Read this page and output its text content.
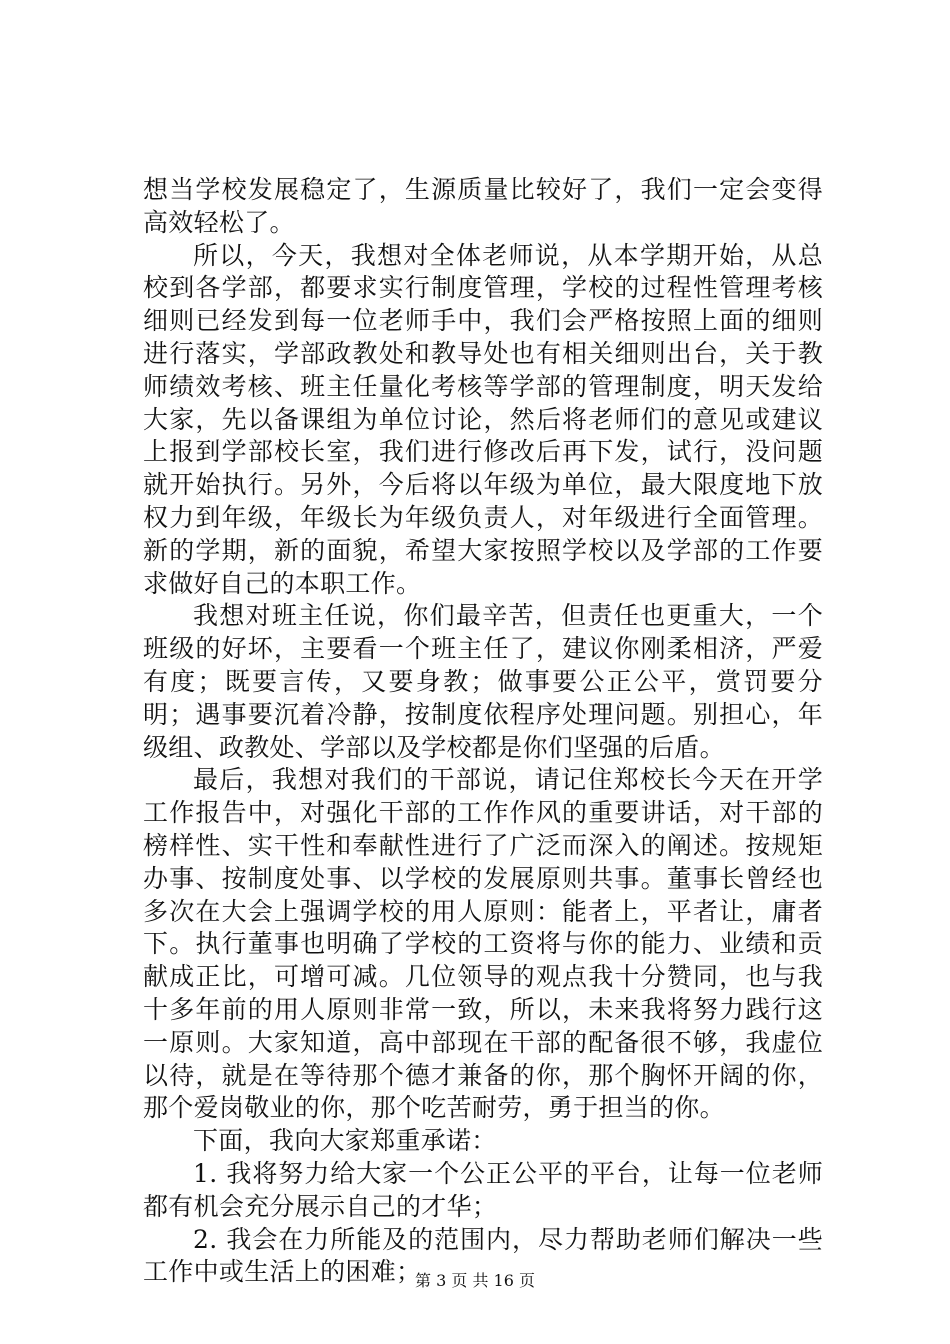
想当学校发展稳定了，生源质量比较好了，我们一定会变得高效轻松了。

所以，今天，我想对全体老师说，从本学期开始，从总校到各学部，都要求实行制度管理，学校的过程性管理考核细则已经发到每一位老师手中，我们会严格按照上面的细则进行落实，学部政教处和教导处也有相关细则出台，关于教师绩效考核、班主任量化考核等学部的管理制度，明天发给大家，先以备课组为单位讨论，然后将老师们的意见或建议上报到学部校长室，我们进行修改后再下发，试行，没问题就开始执行。另外，今后将以年级为单位，最大限度地下放权力到年级，年级长为年级负责人，对年级进行全面管理。新的学期，新的面貌，希望大家按照学校以及学部的工作要求做好自己的本职工作。

我想对班主任说，你们最辛苦，但责任也更重大，一个班级的好坏，主要看一个班主任了，建议你刚柔相济，严爱有度；既要言传，又要身教；做事要公正公平，赏罚要分明；遇事要沉着冷静，按制度依程序处理问题。别担心，年级组、政教处、学部以及学校都是你们坚强的后盾。

最后，我想对我们的干部说，请记住郑校长今天在开学工作报告中，对强化干部的工作作风的重要讲话，对干部的榜样性、实干性和奉献性进行了广泛而深入的阐述。按规矩办事、按制度处事、以学校的发展原则共事。董事长曾经也多次在大会上强调学校的用人原则：能者上，平者让，庸者下。执行董事也明确了学校的工资将与你的能力、业绩和贡献成正比，可增可减。几位领导的观点我十分赞同，也与我十多年前的用人原则非常一致，所以，未来我将努力践行这一原则。大家知道，高中部现在干部的配备很不够，我虚位以待，就是在等待那个德才兼备的你，那个胸怀开阔的你，那个爱岗敬业的你，那个吃苦耐劳，勇于担当的你。

下面，我向大家郑重承诺：

1. 我将努力给大家一个公正公平的平台，让每一位老师都有机会充分展示自己的才华；

2. 我会在力所能及的范围内，尽力帮助老师们解决一些工作中或生活上的困难；

第 3 页 共 16 页
